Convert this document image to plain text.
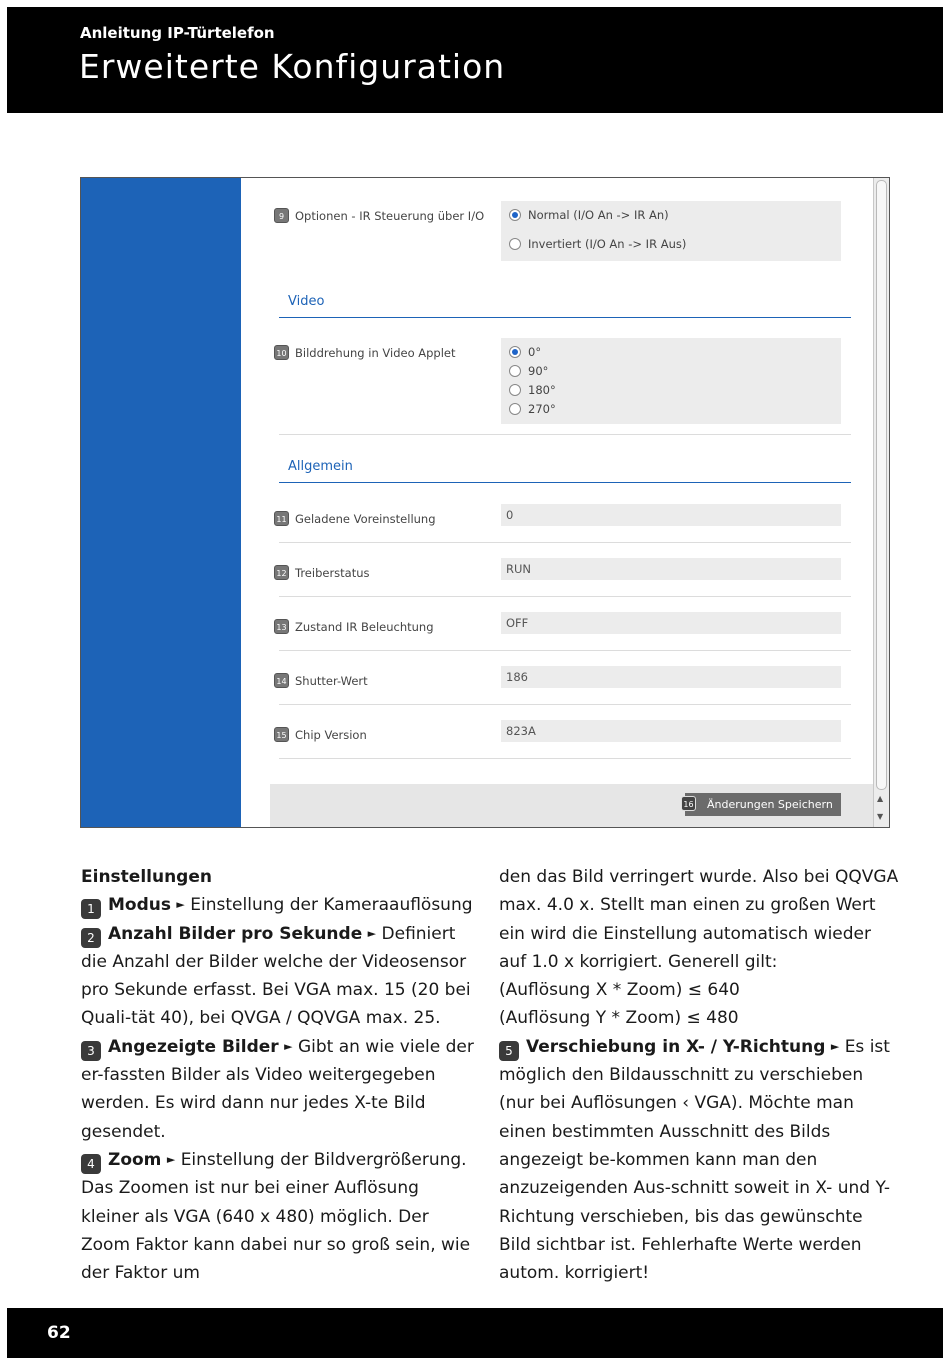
Anleitung IP-Türtelefon
Erweiterte Konfiguration
9 Optionen - IR Steuerung über I/O	Normal (I/O An -> IR An)
Invertiert (I/O An -> IR Aus)
Video
10 Bilddrehung in Video Applet	0°
90°
180°
270°
Allgemein
11 Geladene Voreinstellung	0
12 Treiberstatus	RUN
13 Zustand IR Beleuchtung	OFF
14 Shutter-Wert	186
15 Chip Version	823A
16 Änderungen Speichern	▲
▼

Einstellungen

1 Modus ► Einstellung der Kameraauflösung

2 Anzahl Bilder pro Sekunde ► Definiert die Anzahl der Bilder welche der Videosensor pro Sekunde erfasst. Bei VGA max. 15 (20 bei Quali-tät 40), bei QVGA / QQVGA max. 25.

3 Angezeigte Bilder ► Gibt an wie viele der er-fassten Bilder als Video weitergegeben werden. Es wird dann nur jedes X-te Bild gesendet.

4 Zoom ► Einstellung der Bildvergrößerung. Das Zoomen ist nur bei einer Auflösung kleiner als VGA (640 x 480) möglich. Der Zoom Faktor kann dabei nur so groß sein, wie der Faktor um

den das Bild verringert wurde. Also bei QQVGA max. 4.0 x. Stellt man einen zu großen Wert ein wird die Einstellung automatisch wieder auf 1.0 x korrigiert. Generell gilt:

(Auflösung X * Zoom) ≤ 640

(Auflösung Y * Zoom) ≤ 480

5 Verschiebung in X- / Y-Richtung ► Es ist möglich den Bildausschnitt zu verschieben (nur bei Auflösungen ‹ VGA). Möchte man einen bestimmten Ausschnitt des Bilds angezeigt be-kommen kann man den anzuzeigenden Aus-schnitt soweit in X- und Y-Richtung verschieben, bis das gewünschte Bild sichtbar ist. Fehlerhafte Werte werden autom. korrigiert!

62
